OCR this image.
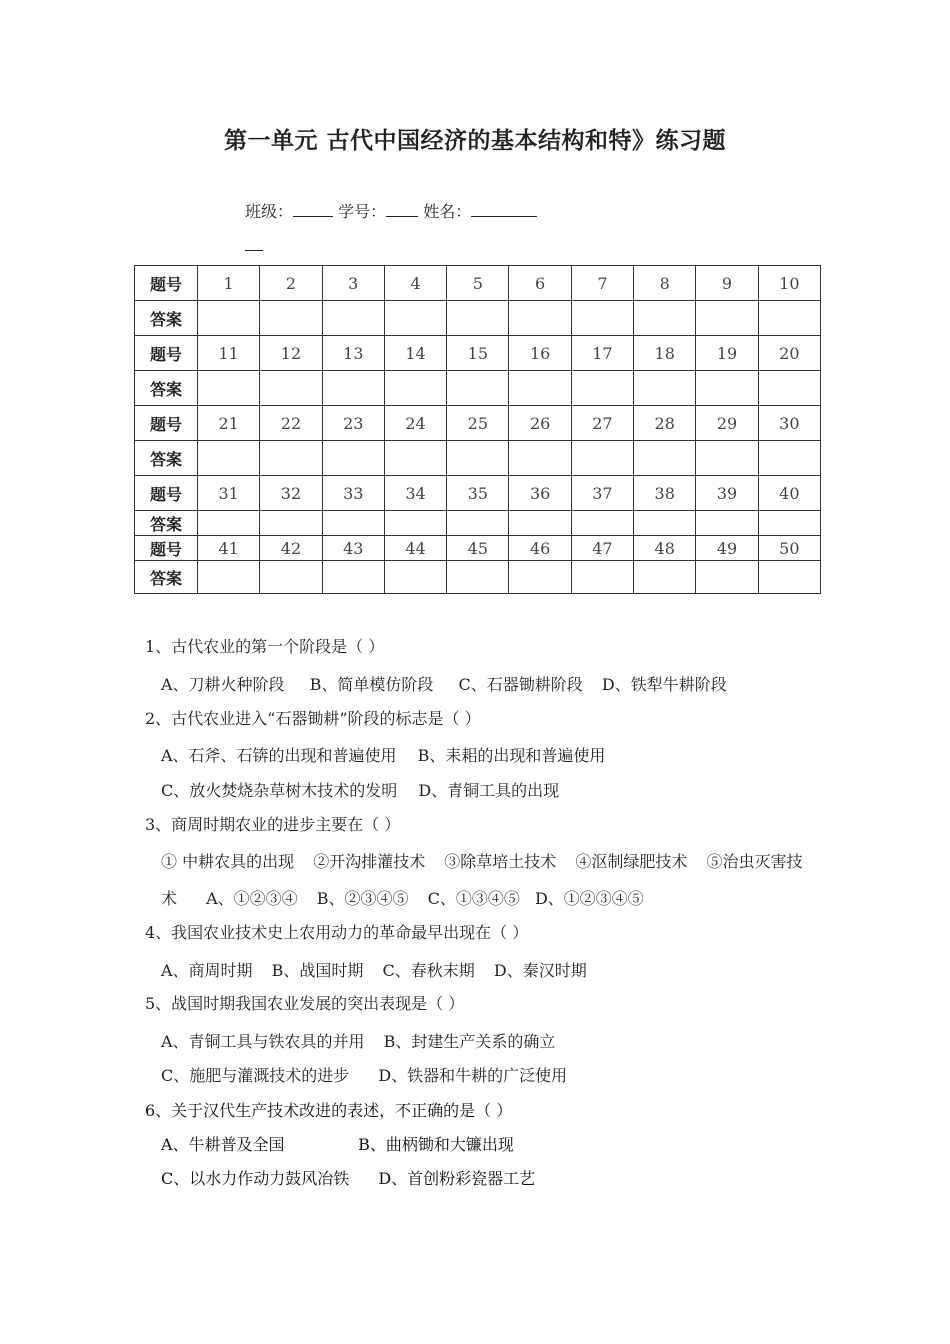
第一单元 古代中国经济的基本结构和特》练习题
班级：	学号： 姓名：
题号	1	2	3	4	5	6	7	8	9	10
答案										
题号	11	12	13	14	15	16	17	18	19	20
答案										
题号	21	22	23	24	25	26	27	28	29	30
答案										
题号	31	32	33	34	35	36	37	38	39	40
答案										
题号	41	42	43	44	45	46	47	48	49	50
答案										
1、古代农业的第一个阶段是（ ）
A、刀耕火种阶段 B、简单模仿阶段 C、石器锄耕阶段 D、铁犁牛耕阶段
2、古代农业进入“石器锄耕”阶段的标志是（ ）
A、石斧、石锛的出现和普遍使用 B、耒耜的出现和普遍使用
C、放火焚烧杂草树木技术的发明 D、青铜工具的出现
3、商周时期农业的进步主要在（ ）
① 中耕农具的出现 ②开沟排灌技术 ③除草培土技术 ④沤制绿肥技术 ⑤治虫灭害技
术 A、①②③④ B、②③④⑤ C、①③④⑤ D、①②③④⑤
4、我国农业技术史上农用动力的革命最早出现在（ ）
A、商周时期 B、战国时期 C、春秋末期 D、秦汉时期
5、战国时期我国农业发展的突出表现是（ ）
A、青铜工具与铁农具的并用 B、封建生产关系的确立
C、施肥与灌溉技术的进步 D、铁器和牛耕的广泛使用
6、关于汉代生产技术改进的表述，不正确的是（ ）
A、牛耕普及全国	B、曲柄锄和大镰出现
C、以水力作动力鼓风冶铁 D、首创粉彩瓷器工艺
